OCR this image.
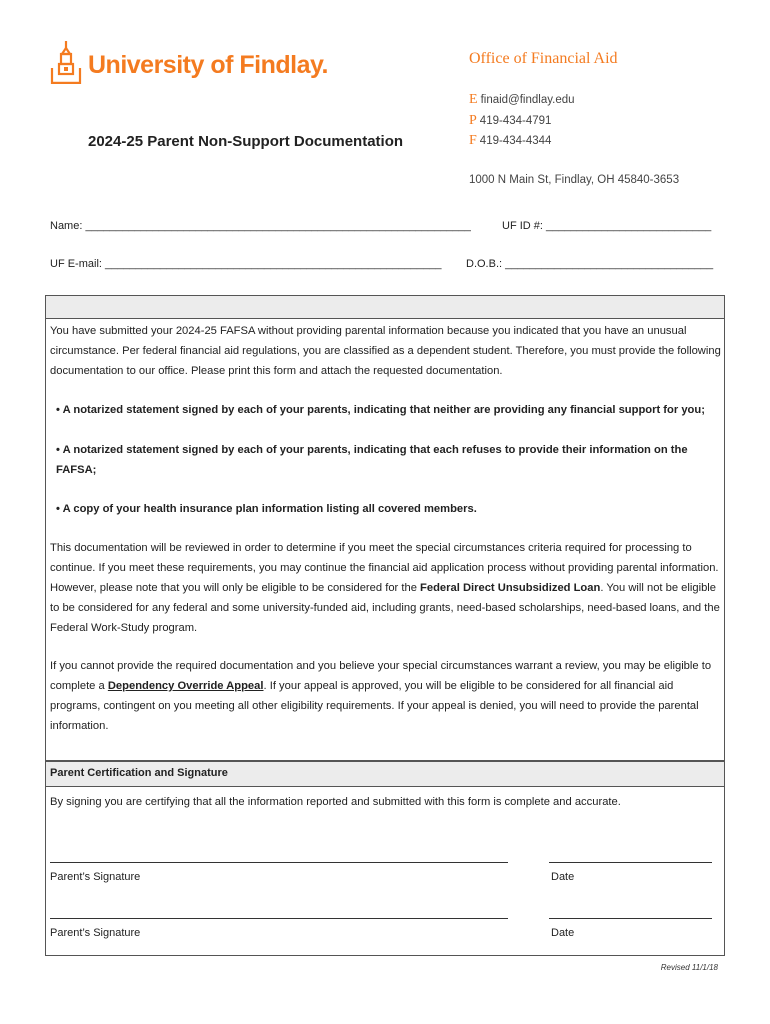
University of Findlay.
2024-25 Parent Non-Support Documentation
Office of Financial Aid
E finaid@findlay.edu
P 419-434-4791
F 419-434-4344
1000 N Main St, Findlay, OH 45840-3653
Name: _______________________________________________________________	UF ID #: ___________________________
UF E-mail: _______________________________________________________ D.O.B.: __________________________________
You have submitted your 2024-25 FAFSA without providing parental information because you indicated that you have an unusual circumstance. Per federal financial aid regulations, you are classified as a dependent student. Therefore, you must provide the following documentation to our office. Please print this form and attach the requested documentation.
• A notarized statement signed by each of your parents, indicating that neither are providing any financial support for you;
• A notarized statement signed by each of your parents, indicating that each refuses to provide their information on the FAFSA;
• A copy of your health insurance plan information listing all covered members.
This documentation will be reviewed in order to determine if you meet the special circumstances criteria required for processing to continue. If you meet these requirements, you may continue the financial aid application process without providing parental information. However, please note that you will only be eligible to be considered for the Federal Direct Unsubsidized Loan. You will not be eligible to be considered for any federal and some university-funded aid, including grants, need-based scholarships, need-based loans, and the Federal Work-Study program.
If you cannot provide the required documentation and you believe your special circumstances warrant a review, you may be eligible to complete a Dependency Override Appeal. If your appeal is approved, you will be eligible to be considered for all financial aid programs, contingent on you meeting all other eligibility requirements. If your appeal is denied, you will need to provide the parental information.
Parent Certification and Signature
By signing you are certifying that all the information reported and submitted with this form is complete and accurate.
Parent’s Signature	Date
Parent’s Signature	Date
Revised 11/1/18
